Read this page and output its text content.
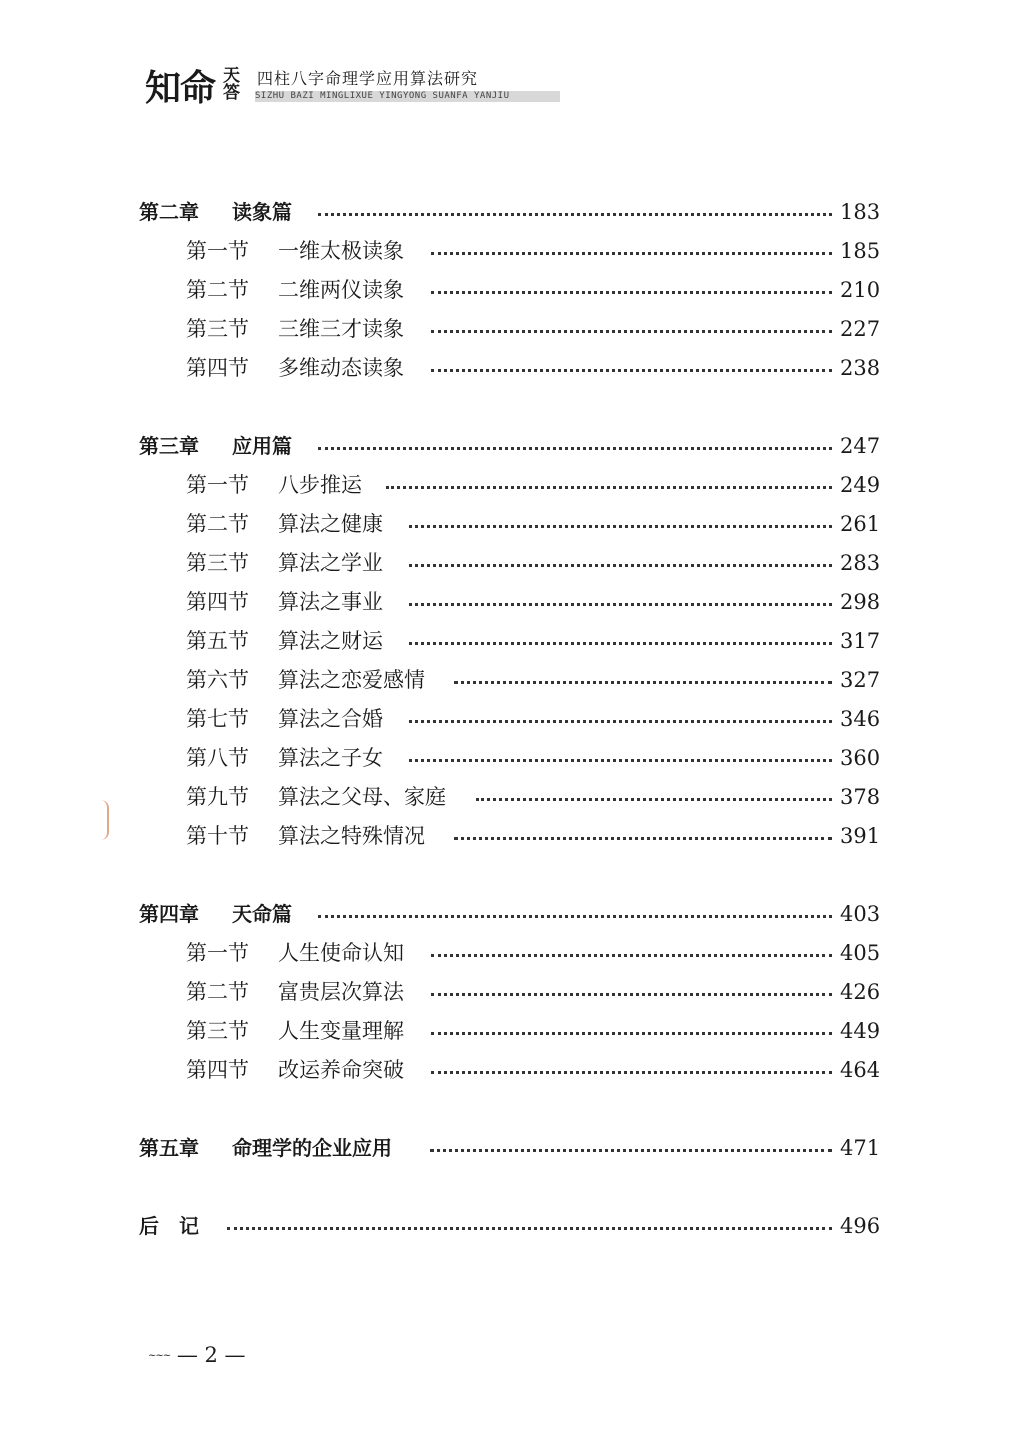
知命 天
答
四柱八字命理学应用算法研究
SIZHU BAZI MINGLIXUE YINGYONG SUANFA YANJIU
第二章 读象篇	183
第一节 一维太极读象	185
第二节 二维两仪读象	210
第三节 三维三才读象	227
第四节 多维动态读象	238
第三章 应用篇	247
第一节 八步推运	249
第二节 算法之健康	261
第三节 算法之学业	283
第四节 算法之事业	298
第五节 算法之财运	317
第六节 算法之恋爱感情	327
第七节 算法之合婚	346
第八节 算法之子女	360
第九节 算法之父母、家庭	378
第十节 算法之特殊情况	391
第四章 天命篇	403
第一节 人生使命认知	405
第二节 富贵层次算法	426
第三节 人生变量理解	449
第四节 改运养命突破	464
第五章 命理学的企业应用	471
后　记	496
~~~ — 2 —
